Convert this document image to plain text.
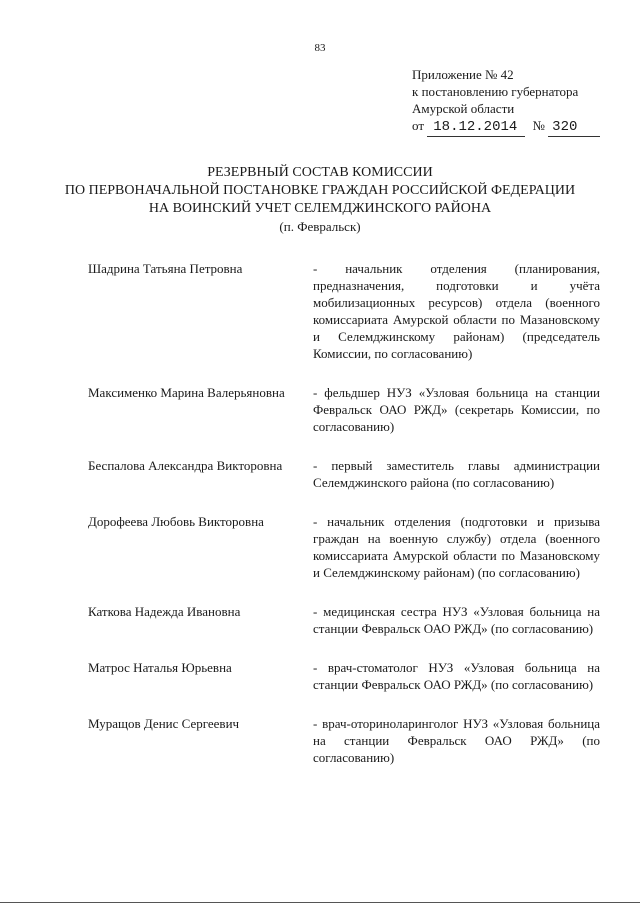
83
Приложение № 42
к постановлению губернатора
Амурской области
от 18.12.2014 № 320
РЕЗЕРВНЫЙ СОСТАВ КОМИССИИ
ПО ПЕРВОНАЧАЛЬНОЙ ПОСТАНОВКЕ ГРАЖДАН РОССИЙСКОЙ ФЕДЕРАЦИИ
НА ВОИНСКИЙ УЧЕТ СЕЛЕМДЖИНСКОГО РАЙОНА
(п. Февральск)
Шадрина Татьяна Петровна	- начальник отделения (планирования, предназначения, подготовки и учёта мобилизационных ресурсов) отдела (военного комиссариата Амурской области по Мазановскому и Селемджинскому районам) (председатель Комиссии, по согласованию)
Максименко Марина Валерьяновна	- фельдшер НУЗ «Узловая больница на станции Февральск ОАО РЖД» (секретарь Комиссии, по согласованию)
Беспалова Александра Викторовна	- первый заместитель главы администрации Селемджинского района (по согласованию)
Дорофеева Любовь Викторовна	- начальник отделения (подготовки и призыва граждан на военную службу) отдела (военного комиссариата Амурской области по Мазановскому и Селемджинскому районам) (по согласованию)
Каткова Надежда Ивановна	- медицинская сестра НУЗ «Узловая больница на станции Февральск ОАО РЖД» (по согласованию)
Матрос Наталья Юрьевна	- врач-стоматолог НУЗ «Узловая больница на станции Февральск ОАО РЖД» (по согласованию)
Муращов Денис Сергеевич	- врач-оториноларинголог НУЗ «Узловая больница на станции Февральск ОАО РЖД» (по согласованию)
